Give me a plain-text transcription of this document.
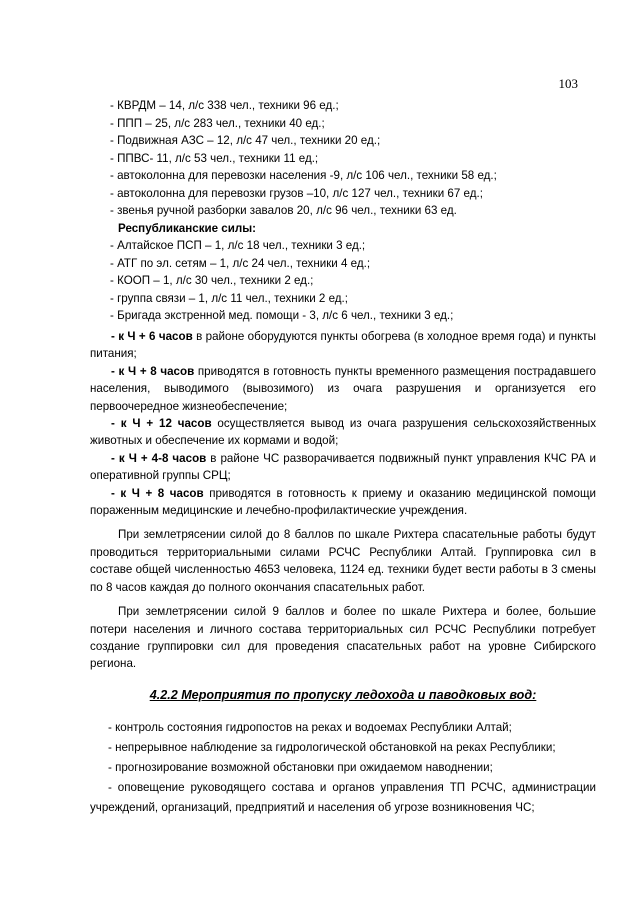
103
- КВРДМ – 14, л/с 338 чел., техники 96 ед.;
- ППП – 25, л/с 283 чел., техники 40 ед.;
- Подвижная АЗС – 12, л/с 47 чел., техники 20 ед.;
- ППВС- 11, л/с 53 чел., техники 11 ед.;
- автоколонна для перевозки населения -9, л/с 106 чел., техники 58 ед.;
- автоколонна для перевозки грузов –10, л/с 127 чел., техники 67 ед.;
- звенья ручной разборки завалов 20, л/с 96 чел., техники 63 ед.
Республиканские силы:
- Алтайское ПСП – 1, л/с 18 чел., техники 3 ед.;
- АТГ по эл. сетям – 1, л/с 24 чел., техники 4 ед.;
- КООП – 1, л/с 30 чел., техники 2 ед.;
- группа связи – 1, л/с 11 чел., техники 2 ед.;
- Бригада экстренной мед. помощи - 3, л/с 6 чел., техники 3 ед.;

- к Ч + 6 часов в районе оборудуются пункты обогрева (в холодное время года) и пункты питания;

- к Ч + 8 часов приводятся в готовность пункты временного размещения пострадавшего населения, выводимого (вывозимого) из очага разрушения и организуется его первоочередное жизнеобеспечение;

- к Ч + 12 часов осуществляется вывод из очага разрушения сельскохозяйственных животных и обеспечение их кормами и водой;

- к Ч + 4-8 часов в районе ЧС разворачивается подвижный пункт управления КЧС РА и оперативной группы СРЦ;

- к Ч + 8 часов приводятся в готовность к приему и оказанию медицинской помощи пораженным медицинские и лечебно-профилактические учреждения.

При землетрясении силой до 8 баллов по шкале Рихтера спасательные работы будут проводиться территориальными силами РСЧС Республики Алтай. Группировка сил в составе общей численностью 4653 человека, 1124 ед. техники будет вести работы в 3 смены по 8 часов каждая до полного окончания спасательных работ.

При землетрясении силой 9 баллов и более по шкале Рихтера и более, большие потери населения и личного состава территориальных сил РСЧС Республики потребует создание группировки сил для проведения спасательных работ на уровне Сибирского региона.

4.2.2 Мероприятия по пропуску ледохода и паводковых вод:

- контроль состояния гидропостов на реках и водоемах Республики Алтай;

- непрерывное наблюдение за гидрологической обстановкой на реках Республики;

- прогнозирование возможной обстановки при ожидаемом наводнении;

- оповещение руководящего состава и органов управления ТП РСЧС, администрации учреждений, организаций, предприятий и населения об угрозе возникновения ЧС;
